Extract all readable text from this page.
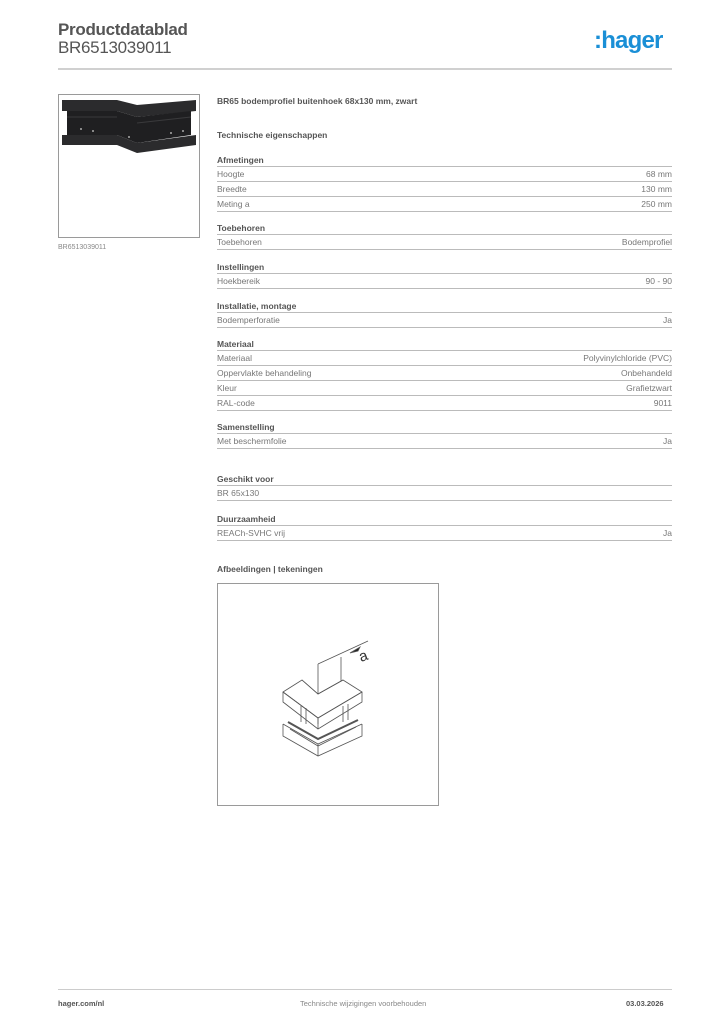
Productdatablad
BR6513039011	:hager
BR6513039011
BR65 bodemprofiel buitenhoek 68x130 mm, zwart
Technische eigenschappen
Afmetingen
Hoogte	68 mm
Breedte	130 mm
Meting a	250 mm
Toebehoren
Toebehoren	Bodemprofiel
Instellingen
Hoekbereik	90 - 90
Installatie, montage
Bodemperforatie	Ja
Materiaal
Materiaal	Polyvinylchloride (PVC)
Oppervlakte behandeling	Onbehandeld
Kleur	Grafietzwart
RAL-code	9011
Samenstelling
Met beschermfolie	Ja
Geschikt voor
BR 65x130
Duurzaamheid
REACh-SVHC vrij	Ja
Afbeeldingen | tekeningen
a
hager.com/nl	Technische wijzigingen voorbehouden	03.03.2026
